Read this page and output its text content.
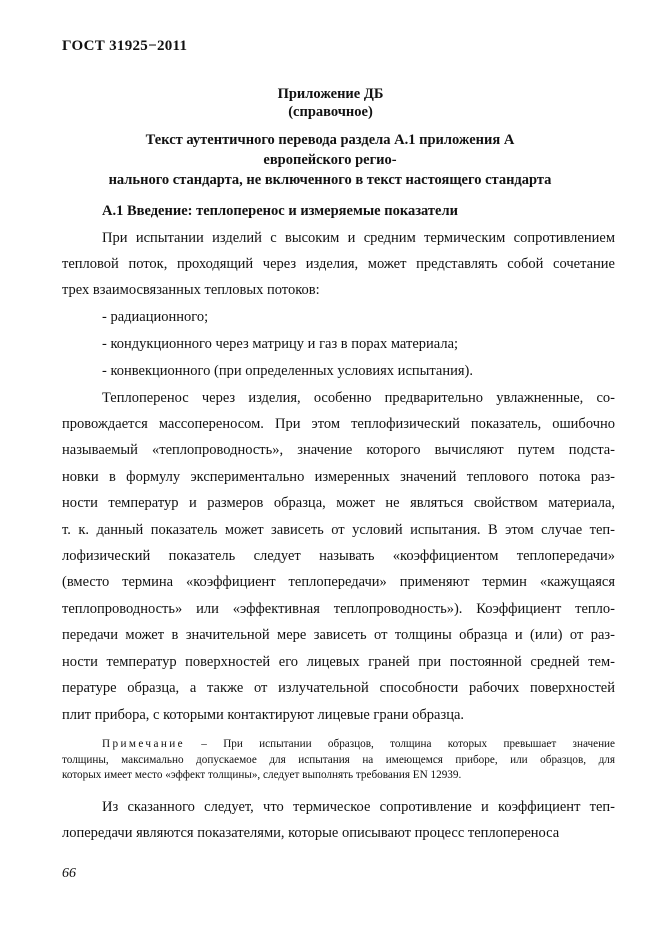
ГОСТ 31925−2011
Приложение ДБ
(справочное)
Текст аутентичного перевода раздела А.1 приложения А европейского регио-
нального стандарта, не включенного в текст настоящего стандарта
А.1 Введение: теплоперенос и измеряемые показатели
При испытании изделий с высоким и средним термическим сопротивлением
тепловой поток, проходящий через изделия, может представлять собой сочетание
трех взаимосвязанных тепловых потоков:
- радиационного;
- кондукционного через матрицу и газ в порах материала;
- конвекционного (при определенных условиях испытания).
Теплоперенос через изделия, особенно предварительно увлажненные, со-
провождается массопереносом. При этом теплофизический показатель, ошибочно
называемый «теплопроводность», значение которого вычисляют путем подста-
новки в формулу экспериментально измеренных значений теплового потока раз-
ности температур и размеров образца, может не являться свойством материала,
т. к. данный показатель может зависеть от условий испытания. В этом случае теп-
лофизический показатель следует называть «коэффициентом теплопередачи»
(вместо термина «коэффициент теплопередачи» применяют термин «кажущаяся
теплопроводность» или «эффективная теплопроводность»). Коэффициент тепло-
передачи может в значительной мере зависеть от толщины образца и (или) от раз-
ности температур поверхностей его лицевых граней при постоянной средней тем-
пературе образца, а также от излучательной способности рабочих поверхностей
плит прибора, с которыми контактируют лицевые грани образца.
Примечание – При испытании образцов, толщина которых превышает значение
толщины, максимально допускаемое для испытания на имеющемся приборе, или образцов, для
которых имеет место «эффект толщины», следует выполнять требования EN 12939.
Из сказанного следует, что термическое сопротивление и коэффициент теп-
лопередачи являются показателями, которые описывают процесс теплопереноса
66
